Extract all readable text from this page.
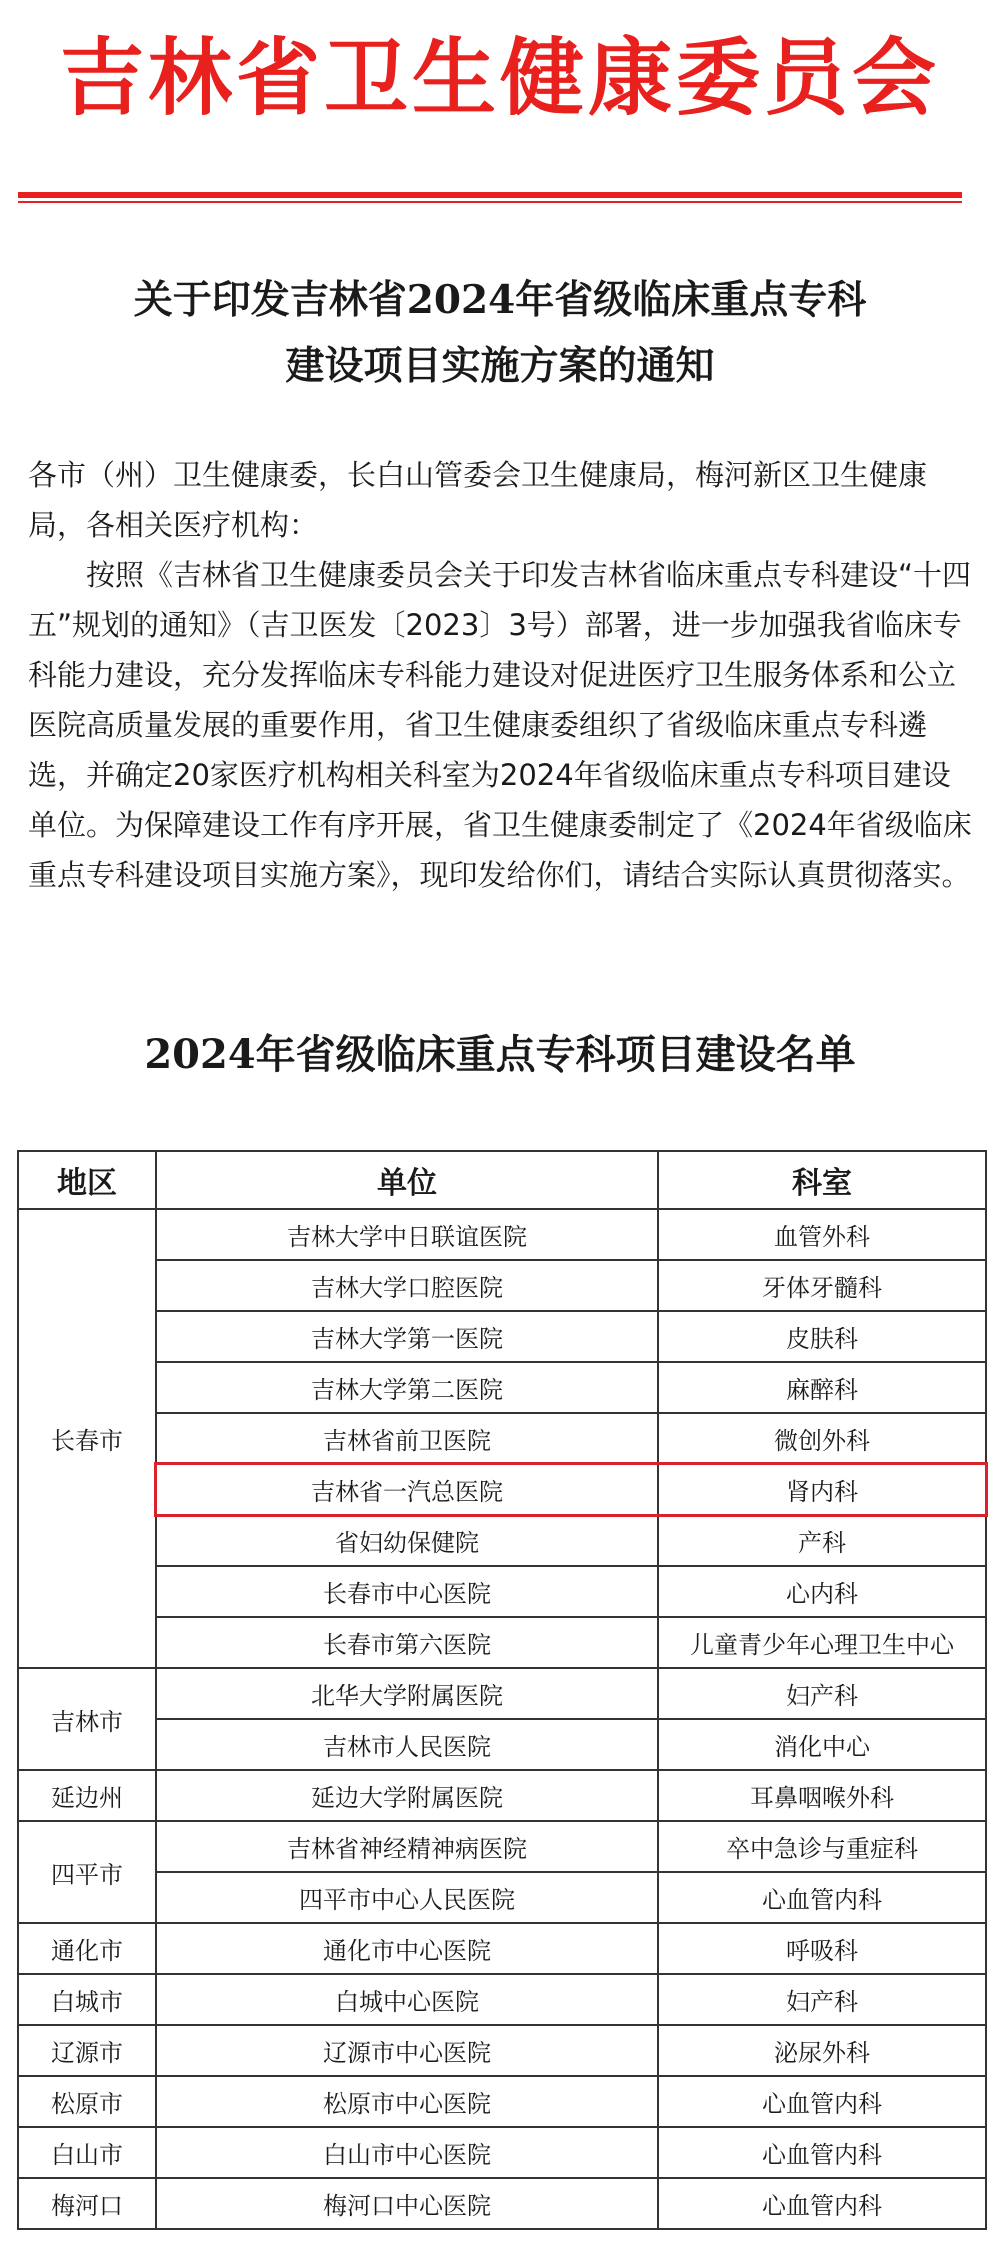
吉林省卫生健康委员会
关于印发吉林省2024年省级临床重点专科
建设项目实施方案的通知

各市（州）卫生健康委，长白山管委会卫生健康局，梅河新区卫生健康局，各相关医疗机构：

按照《吉林省卫生健康委员会关于印发吉林省临床重点专科建设“十四五”规划的通知》（吉卫医发〔2023〕3号）部署，进一步加强我省临床专科能力建设，充分发挥临床专科能力建设对促进医疗卫生服务体系和公立医院高质量发展的重要作用，省卫生健康委组织了省级临床重点专科遴选，并确定20家医疗机构相关科室为2024年省级临床重点专科项目建设单位。为保障建设工作有序开展，省卫生健康委制定了《2024年省级临床重点专科建设项目实施方案》，现印发给你们，请结合实际认真贯彻落实。

2024年省级临床重点专科项目建设名单
地区	单位	科室
长春市	吉林大学中日联谊医院	血管外科
	吉林大学口腔医院	牙体牙髓科
	吉林大学第一医院	皮肤科
	吉林大学第二医院	麻醉科
	吉林省前卫医院	微创外科
	吉林省一汽总医院	肾内科
	省妇幼保健院	产科
	长春市中心医院	心内科
	长春市第六医院	儿童青少年心理卫生中心
吉林市	北华大学附属医院	妇产科
	吉林市人民医院	消化中心
延边州	延边大学附属医院	耳鼻咽喉外科
四平市	吉林省神经精神病医院	卒中急诊与重症科
	四平市中心人民医院	心血管内科
通化市	通化市中心医院	呼吸科
白城市	白城中心医院	妇产科
辽源市	辽源市中心医院	泌尿外科
松原市	松原市中心医院	心血管内科
白山市	白山市中心医院	心血管内科
梅河口	梅河口中心医院	心血管内科
